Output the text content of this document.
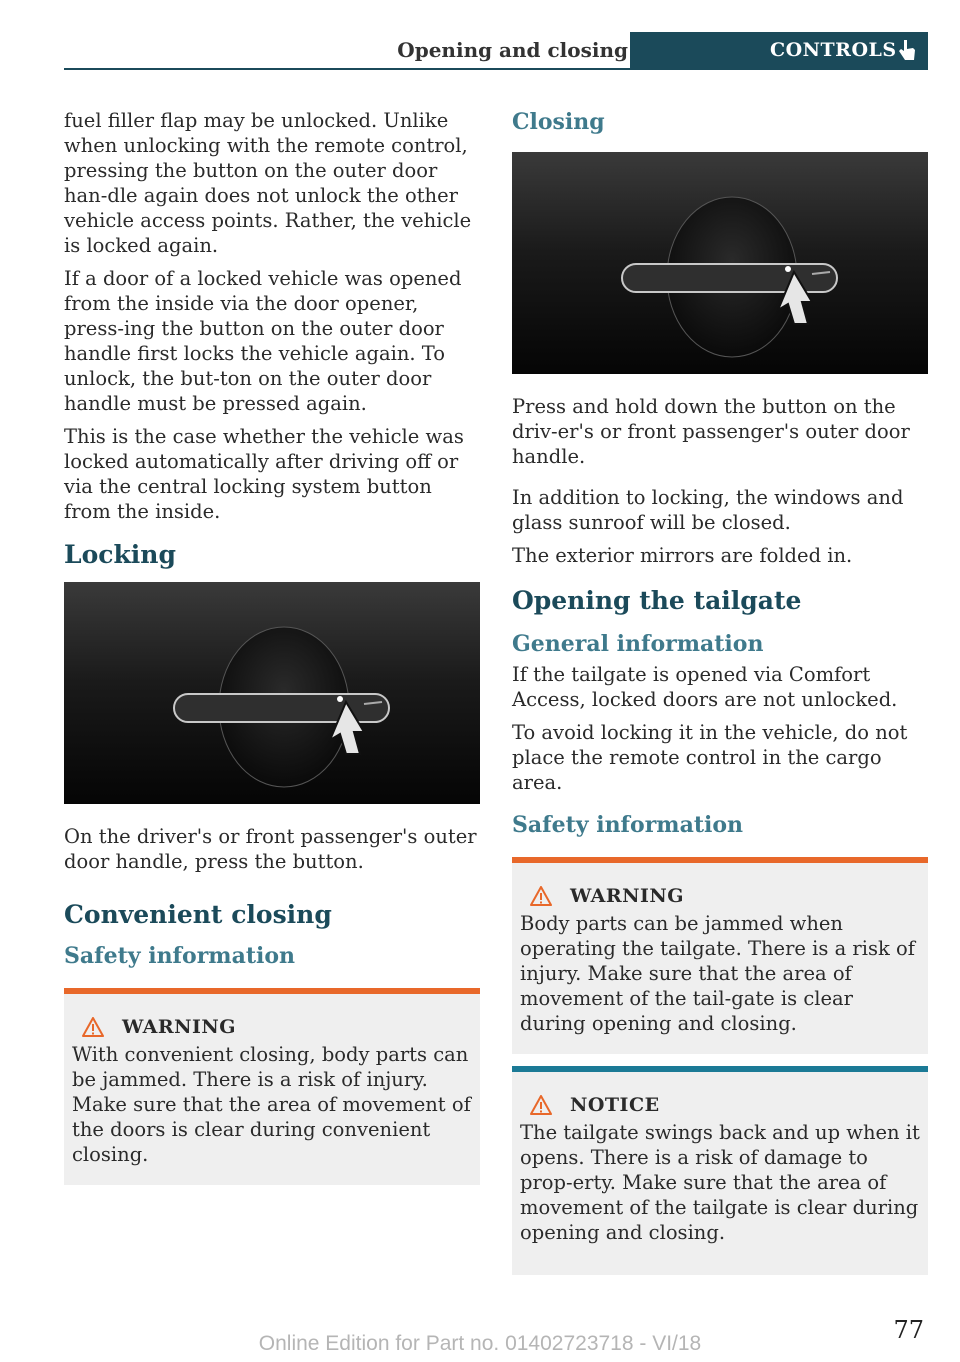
Opening and closing	CONTROLS

fuel filler flap may be unlocked. Unlike when unlocking with the remote control, pressing the button on the outer door han-dle again does not unlock the other vehicle access points. Rather, the vehicle is locked again.

If a door of a locked vehicle was opened from the inside via the door opener, press-ing the button on the outer door handle first locks the vehicle again. To unlock, the but-ton on the outer door handle must be pressed again.

This is the case whether the vehicle was locked automatically after driving off or via the central locking system button from the inside.

Locking

On the driver's or front passenger's outer door handle, press the button.

Convenient closing
Safety information
WARNING

With convenient closing, body parts can be jammed. There is a risk of injury. Make sure that the area of movement of the doors is clear during convenient closing.

Closing

Press and hold down the button on the driv-er's or front passenger's outer door handle.

In addition to locking, the windows and glass sunroof will be closed.

The exterior mirrors are folded in.

Opening the tailgate
General information

If the tailgate is opened via Comfort Access, locked doors are not unlocked.

To avoid locking it in the vehicle, do not place the remote control in the cargo area.

Safety information
WARNING

Body parts can be jammed when operating the tailgate. There is a risk of injury. Make sure that the area of movement of the tail-gate is clear during opening and closing.

NOTICE

The tailgate swings back and up when it opens. There is a risk of damage to prop-erty. Make sure that the area of movement of the tailgate is clear during opening and closing.

77
Online Edition for Part no. 01402723718 - VI/18
